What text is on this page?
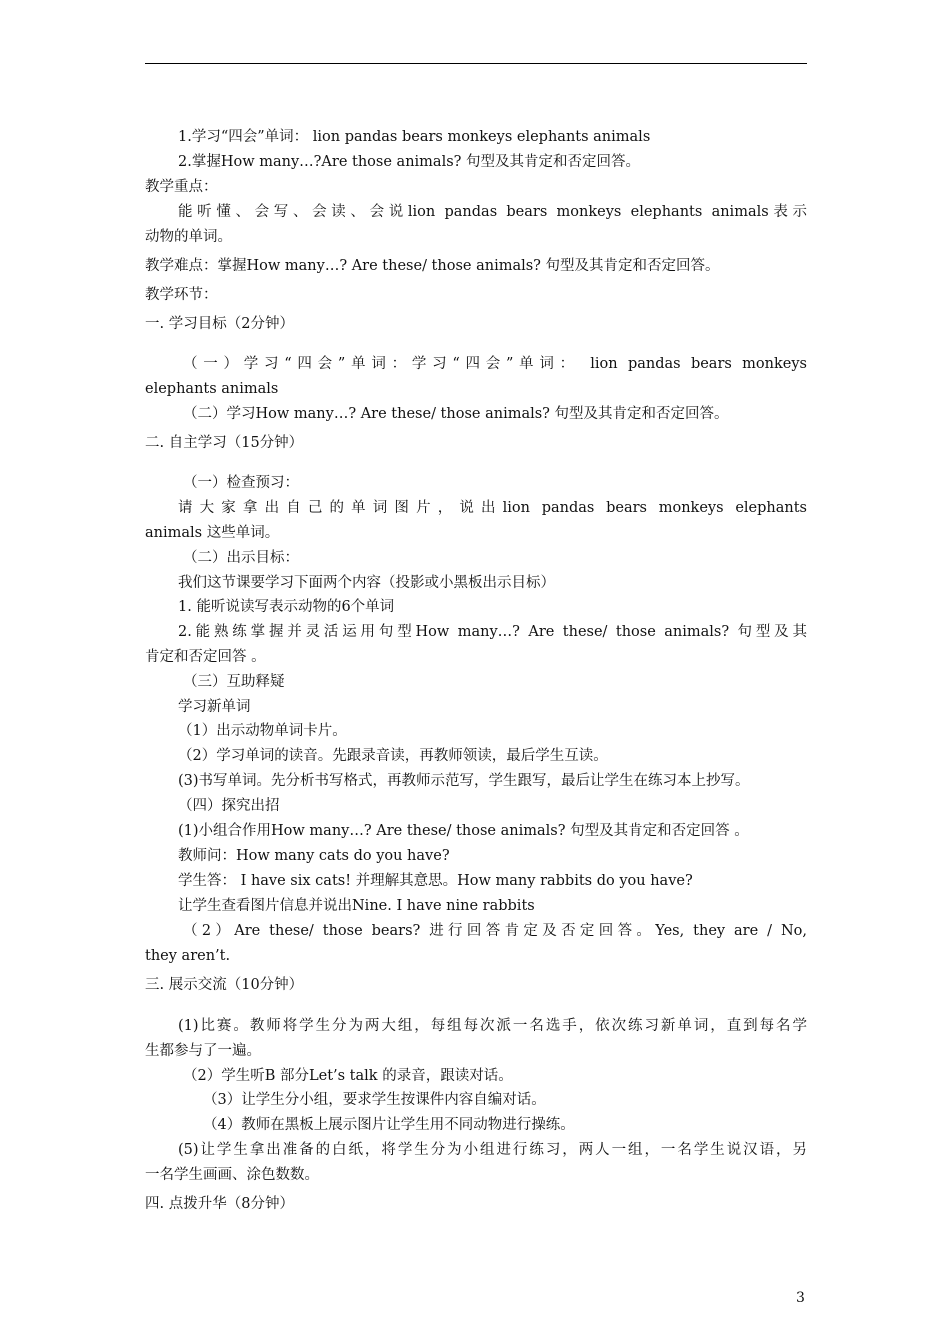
1.学习“四会”单词： lion pandas bears monkeys elephants animals
2.掌握How many…?Are those animals? 句型及其肯定和否定回答。
教学重点：
能听懂、会写、会读、会说lion pandas bears monkeys elephants animals表示
动物的单词。
教学难点：掌握How many…? Are these/ those animals? 句型及其肯定和否定回答。
教学环节：
一. 学习目标（2分钟）
（一）学习“四会”单词：学习“四会”单词： lion pandas bears monkeys
elephants animals
（二）学习How many…? Are these/ those animals? 句型及其肯定和否定回答。
二. 自主学习（15分钟）
（一）检查预习：
请大家拿出自己的单词图片，说出lion pandas bears monkeys elephants
animals 这些单词。
（二）出示目标：
我们这节课要学习下面两个内容（投影或小黑板出示目标）
1. 能听说读写表示动物的6个单词
2.能熟练掌握并灵活运用句型How many…? Are these/ those animals? 句型及其
肯定和否定回答 。
（三）互助释疑
学习新单词
（1）出示动物单词卡片。
（2）学习单词的读音。先跟录音读，再教师领读，最后学生互读。
(3)书写单词。先分析书写格式，再教师示范写，学生跟写，最后让学生在练习本上抄写。
（四）探究出招
(1)小组合作用How many…? Are these/ those animals? 句型及其肯定和否定回答 。
教师问：How many cats do you have?
学生答： I have six cats! 并理解其意思。How many rabbits do you have?
让学生查看图片信息并说出Nine. I have nine rabbits
（2）Are these/ those bears? 进行回答肯定及否定回答。Yes, they are / No,
they aren’t.
三. 展示交流（10分钟）
(1)比赛。教师将学生分为两大组，每组每次派一名选手，依次练习新单词，直到每名学
生都参与了一遍。
（2）学生听B 部分Let’s talk 的录音，跟读对话。
（3）让学生分小组，要求学生按课件内容自编对话。
（4）教师在黑板上展示图片让学生用不同动物进行操练。
(5)让学生拿出准备的白纸，将学生分为小组进行练习，两人一组，一名学生说汉语，另
一名学生画画、涂色数数。
四. 点拨升华（8分钟）
3
